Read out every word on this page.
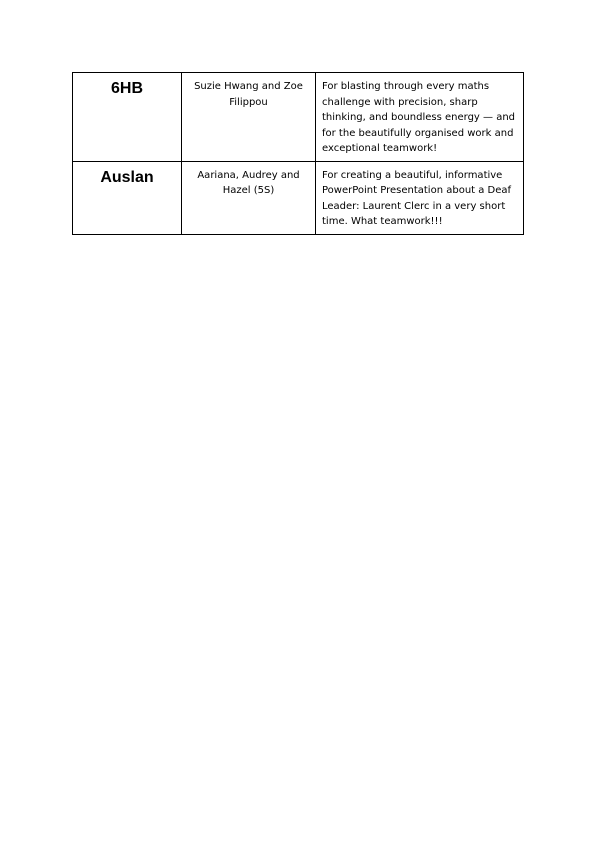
6HB	Suzie Hwang and Zoe Filippou	For blasting through every maths challenge with precision, sharp thinking, and boundless energy — and for the beautifully organised work and exceptional teamwork!
Auslan	Aariana, Audrey and Hazel (5S)	For creating a beautiful, informative PowerPoint Presentation about a Deaf Leader: Laurent Clerc in a very short time. What teamwork!!!
